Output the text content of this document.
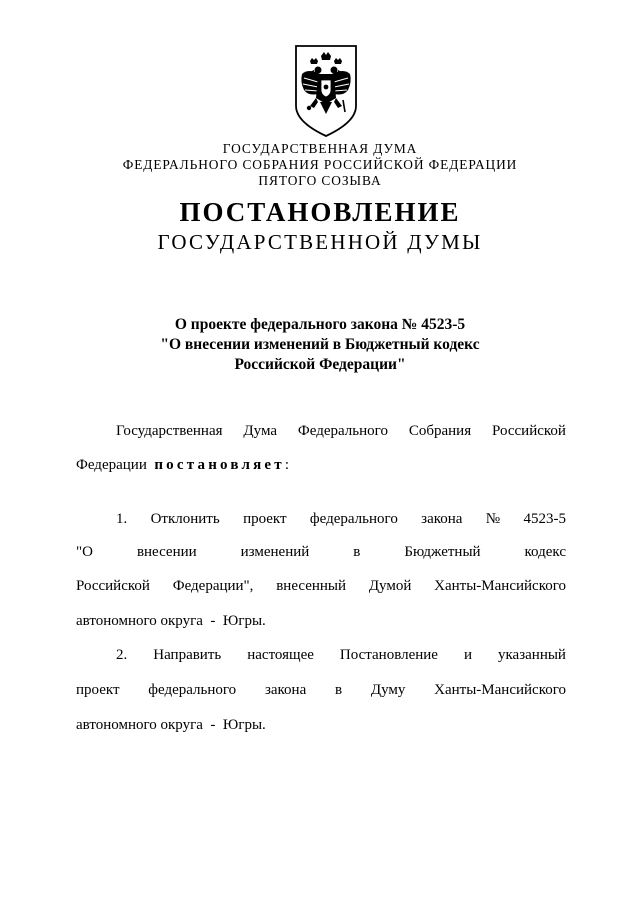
ГОСУДАРСТВЕННАЯ ДУМА
ФЕДЕРАЛЬНОГО СОБРАНИЯ РОССИЙСКОЙ ФЕДЕРАЦИИ
ПЯТОГО СОЗЫВА
ПОСТАНОВЛЕНИЕ
ГОСУДАРСТВЕННОЙ ДУМЫ
О проекте федерального закона № 4523-5
"О внесении изменений в Бюджетный кодекс
Российской Федерации"
Государственная Дума Федерального Собрания Российской
Федерации постановляет:
1. Отклонить проект федерального закона № 4523-5
"О	внесении	изменений	в	Бюджетный	кодекс
Российской Федерации", внесенный Думой Ханты-Мансийского
автономного округа  -  Югры.
2. Направить настоящее Постановление и указанный
проект федерального закона в Думу Ханты-Мансийского
автономного округа  -  Югры.
